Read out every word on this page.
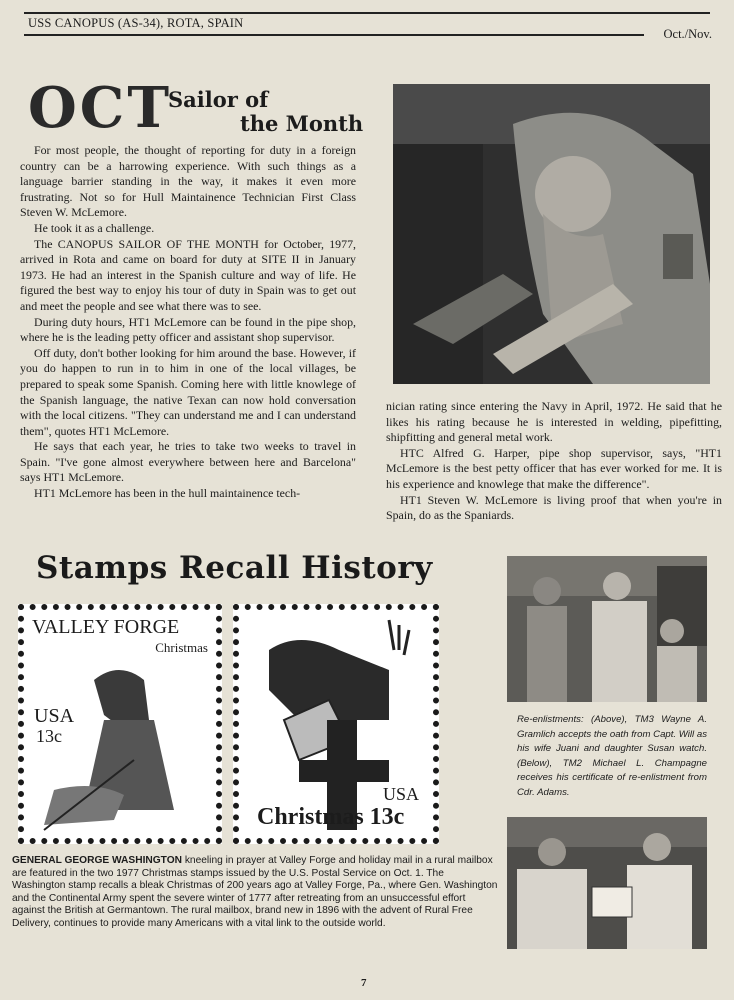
USS CANOPUS (AS-34), ROTA, SPAIN
Oct./Nov.
OCT
Sailor of
the Month

For most people, the thought of reporting for duty in a foreign country can be a harrowing experience. With such things as a language barrier standing in the way, it makes it even more frustrating. Not so for Hull Maintainence Technician First Class Steven W. McLemore.

He took it as a challenge.

The CANOPUS SAILOR OF THE MONTH for October, 1977, arrived in Rota and came on board for duty at SITE II in January 1973. He had an interest in the Spanish culture and way of life. He figured the best way to enjoy his tour of duty in Spain was to get out and meet the people and see what there was to see.

During duty hours, HT1 McLemore can be found in the pipe shop, where he is the leading petty officer and assistant shop supervisor.

Off duty, don't bother looking for him around the base. However, if you do happen to run in to him in one of the local villages, be prepared to speak some Spanish. Coming here with little knowlege of the Spanish language, the native Texan can now hold conversation with the local citizens. "They can understand me and I can understand them", quotes HT1 McLemore.

He says that each year, he tries to take two weeks to travel in Spain. "I've gone almost everywhere between here and Barcelona" says HT1 McLemore.

HT1 McLemore has been in the hull maintainence tech-

nician rating since entering the Navy in April, 1972. He said that he likes his rating because he is interested in welding, pipefitting, shipfitting and general metal work.

HTC Alfred G. Harper, pipe shop supervisor, says, "HT1 McLemore is the best petty officer that has ever worked for me. It is his experience and knowlege that make the difference".

HT1 Steven W. McLemore is living proof that when you're in Spain, do as the Spaniards.

Stamps Recall History
VALLEY FORGE
Christmas
USA
13c
USA
Christmas 13c
GENERAL GEORGE WASHINGTON kneeling in prayer at Valley Forge and holiday mail in a rural mailbox are featured in the two 1977 Christmas stamps issued by the U.S. Postal Service on Oct. 1. The Washington stamp recalls a bleak Christmas of 200 years ago at Valley Forge, Pa., where Gen. Washington and the Continental Army spent the severe winter of 1777 after retreating from an unsuccessful effort against the British at Germantown. The rural mailbox, brand new in 1896 with the advent of Rural Free Delivery, continues to provide many Americans with a vital link to the outside world.
Re-enlistments: (Above), TM3 Wayne A. Gramlich accepts the oath from Capt. Will as his wife Juani and daughter Susan watch. (Below), TM2 Michael L. Champagne receives his certificate of re-enlistment from Cdr. Adams.
7
